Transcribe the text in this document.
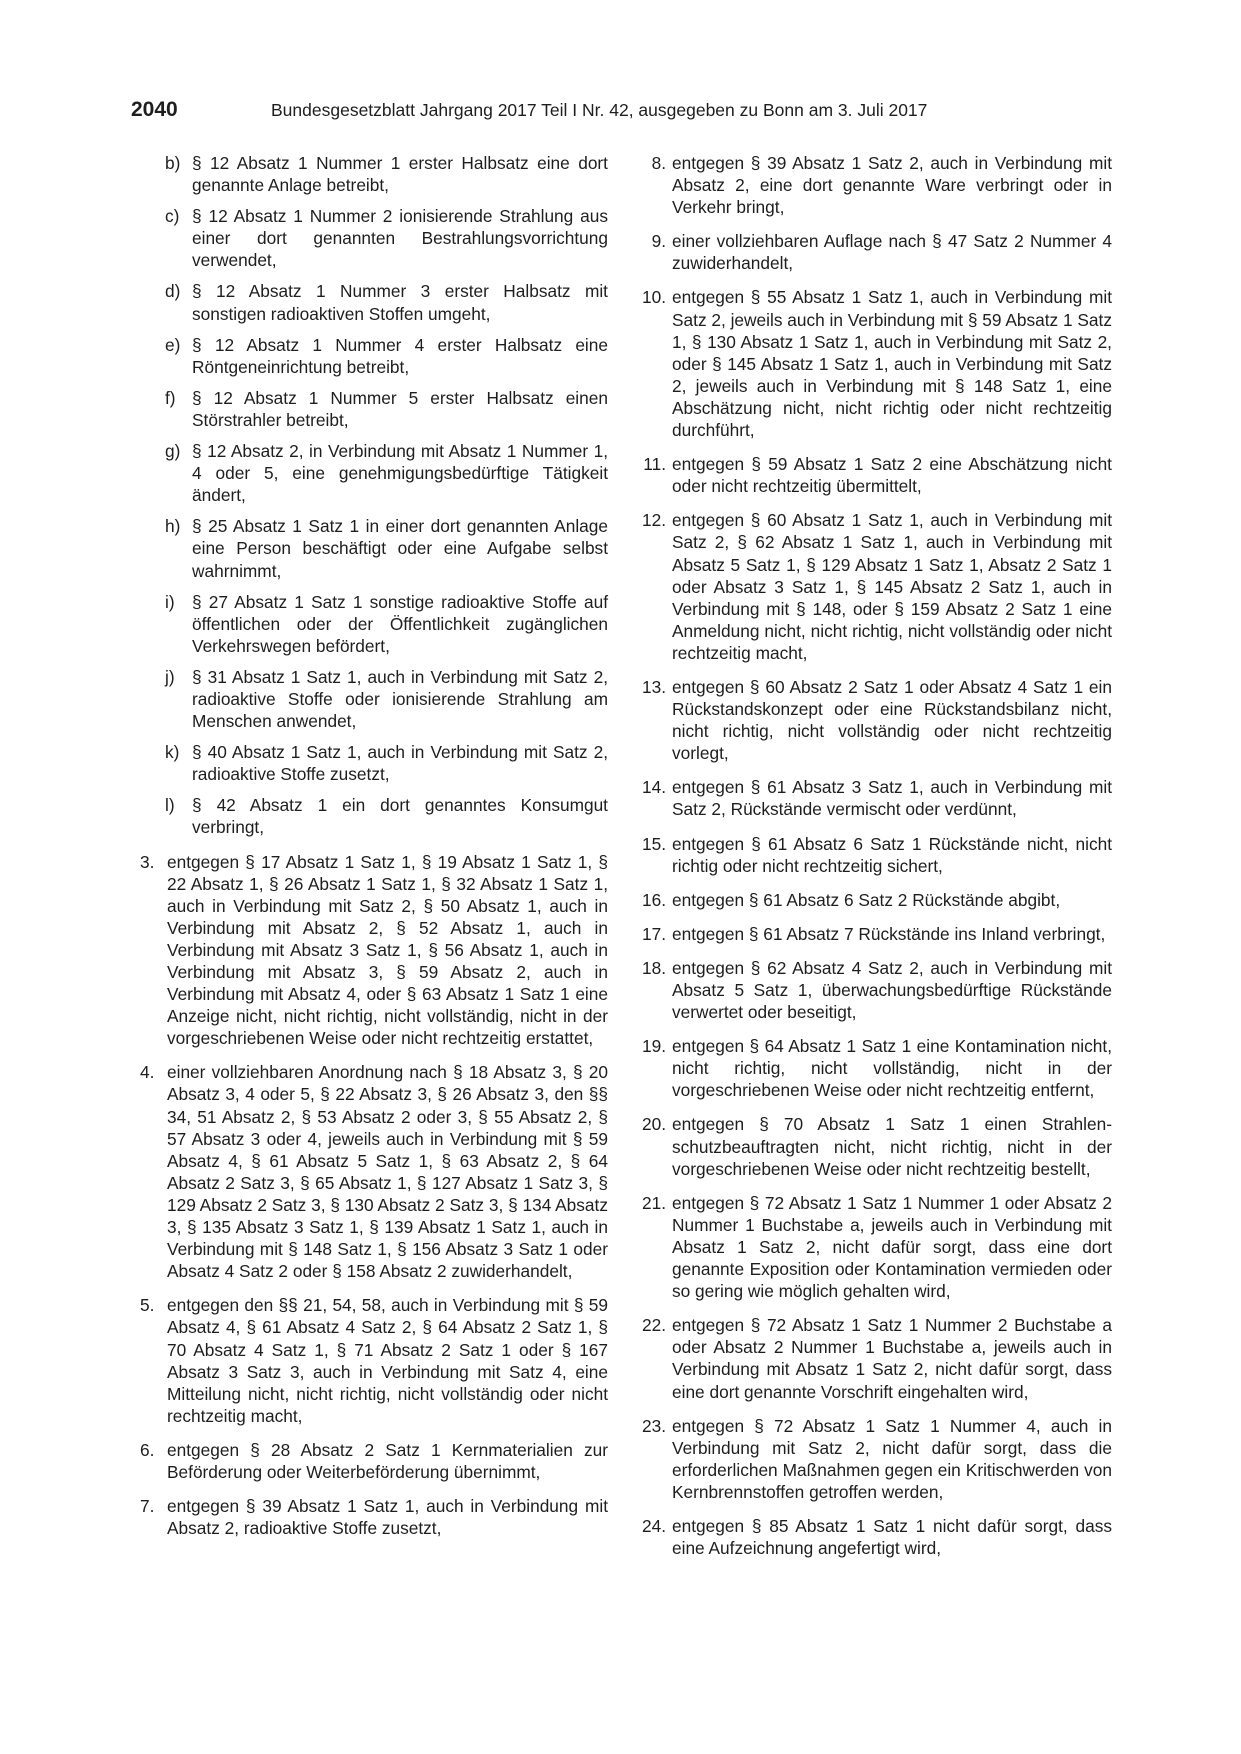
2040	Bundesgesetzblatt Jahrgang 2017 Teil I Nr. 42, ausgegeben zu Bonn am 3. Juli 2017
b) § 12 Absatz 1 Nummer 1 erster Halbsatz eine dort genannte Anlage betreibt,
c) § 12 Absatz 1 Nummer 2 ionisierende Strahlung aus einer dort genannten Bestrahlungsvorrichtung verwendet,
d) § 12 Absatz 1 Nummer 3 erster Halbsatz mit sonstigen radioaktiven Stoffen umgeht,
e) § 12 Absatz 1 Nummer 4 erster Halbsatz eine Röntgeneinrichtung betreibt,
f) § 12 Absatz 1 Nummer 5 erster Halbsatz einen Störstrahler betreibt,
g) § 12 Absatz 2, in Verbindung mit Absatz 1 Nummer 1, 4 oder 5, eine genehmigungsbedürftige Tätigkeit ändert,
h) § 25 Absatz 1 Satz 1 in einer dort genannten Anlage eine Person beschäftigt oder eine Aufgabe selbst wahrnimmt,
i)	§ 27 Absatz 1 Satz 1 sonstige radioaktive Stoffe auf öffentlichen oder der Öffentlichkeit zugänglichen Verkehrswegen befördert,
j)	§ 31 Absatz 1 Satz 1, auch in Verbindung mit Satz 2, radioaktive Stoffe oder ionisierende Strahlung am Menschen anwendet,
k) § 40 Absatz 1 Satz 1, auch in Verbindung mit Satz 2, radioaktive Stoffe zusetzt,
l)	§ 42 Absatz 1 ein dort genanntes Konsumgut verbringt,
3. entgegen § 17 Absatz 1 Satz 1, § 19 Absatz 1 Satz 1, § 22 Absatz 1, § 26 Absatz 1 Satz 1, § 32 Absatz 1 Satz 1, auch in Verbindung mit Satz 2, § 50 Absatz 1, auch in Verbindung mit Absatz 2, § 52 Absatz 1, auch in Verbindung mit Absatz 3 Satz 1, § 56 Absatz 1, auch in Verbindung mit Absatz 3, § 59 Absatz 2, auch in Verbindung mit Absatz 4, oder § 63 Absatz 1 Satz 1 eine Anzeige nicht, nicht richtig, nicht vollständig, nicht in der vorgeschriebenen Weise oder nicht rechtzeitig erstattet,
4. einer vollziehbaren Anordnung nach § 18 Absatz 3, § 20 Absatz 3, 4 oder 5, § 22 Absatz 3, § 26 Absatz 3, den §§ 34, 51 Absatz 2, § 53 Absatz 2 oder 3, § 55 Absatz 2, § 57 Absatz 3 oder 4, jeweils auch in Verbindung mit § 59 Absatz 4, § 61 Absatz 5 Satz 1, § 63 Absatz 2, § 64 Absatz 2 Satz 3, § 65 Absatz 1, § 127 Absatz 1 Satz 3, § 129 Absatz 2 Satz 3, § 130 Absatz 2 Satz 3, § 134 Absatz 3, § 135 Absatz 3 Satz 1, § 139 Absatz 1 Satz 1, auch in Verbindung mit § 148 Satz 1, § 156 Absatz 3 Satz 1 oder Absatz 4 Satz 2 oder § 158 Absatz 2 zuwiderhandelt,
5. entgegen den §§ 21, 54, 58, auch in Verbindung mit § 59 Absatz 4, § 61 Absatz 4 Satz 2, § 64 Absatz 2 Satz 1, § 70 Absatz 4 Satz 1, § 71 Absatz 2 Satz 1 oder § 167 Absatz 3 Satz 3, auch in Verbindung mit Satz 4, eine Mitteilung nicht, nicht richtig, nicht vollständig oder nicht rechtzeitig macht,
6. entgegen § 28 Absatz 2 Satz 1 Kernmaterialien zur Beförderung oder Weiterbeförderung übernimmt,
7. entgegen § 39 Absatz 1 Satz 1, auch in Verbindung mit Absatz 2, radioaktive Stoffe zusetzt,
8. entgegen § 39 Absatz 1 Satz 2, auch in Verbindung mit Absatz 2, eine dort genannte Ware verbringt oder in Verkehr bringt,
9. einer vollziehbaren Auflage nach § 47 Satz 2 Nummer 4 zuwiderhandelt,
10. entgegen § 55 Absatz 1 Satz 1, auch in Verbindung mit Satz 2, jeweils auch in Verbindung mit § 59 Absatz 1 Satz 1, § 130 Absatz 1 Satz 1, auch in Verbindung mit Satz 2, oder § 145 Absatz 1 Satz 1, auch in Verbindung mit Satz 2, jeweils auch in Verbindung mit § 148 Satz 1, eine Abschätzung nicht, nicht richtig oder nicht rechtzeitig durchführt,
11. entgegen § 59 Absatz 1 Satz 2 eine Abschätzung nicht oder nicht rechtzeitig übermittelt,
12. entgegen § 60 Absatz 1 Satz 1, auch in Verbindung mit Satz 2, § 62 Absatz 1 Satz 1, auch in Verbindung mit Absatz 5 Satz 1, § 129 Absatz 1 Satz 1, Absatz 2 Satz 1 oder Absatz 3 Satz 1, § 145 Absatz 2 Satz 1, auch in Verbindung mit § 148, oder § 159 Absatz 2 Satz 1 eine Anmeldung nicht, nicht richtig, nicht vollständig oder nicht rechtzeitig macht,
13. entgegen § 60 Absatz 2 Satz 1 oder Absatz 4 Satz 1 ein Rückstandskonzept oder eine Rückstandsbilanz nicht, nicht richtig, nicht vollständig oder nicht rechtzeitig vorlegt,
14. entgegen § 61 Absatz 3 Satz 1, auch in Verbindung mit Satz 2, Rückstände vermischt oder verdünnt,
15. entgegen § 61 Absatz 6 Satz 1 Rückstände nicht, nicht richtig oder nicht rechtzeitig sichert,
16. entgegen § 61 Absatz 6 Satz 2 Rückstände abgibt,
17. entgegen § 61 Absatz 7 Rückstände ins Inland verbringt,
18. entgegen § 62 Absatz 4 Satz 2, auch in Verbindung mit Absatz 5 Satz 1, überwachungsbedürftige Rückstände verwertet oder beseitigt,
19. entgegen § 64 Absatz 1 Satz 1 eine Kontamination nicht, nicht richtig, nicht vollständig, nicht in der vorgeschriebenen Weise oder nicht rechtzeitig entfernt,
20. entgegen § 70 Absatz 1 Satz 1 einen Strahlenschutzbeauftragten nicht, nicht richtig, nicht in der vorgeschriebenen Weise oder nicht rechtzeitig bestellt,
21. entgegen § 72 Absatz 1 Satz 1 Nummer 1 oder Absatz 2 Nummer 1 Buchstabe a, jeweils auch in Verbindung mit Absatz 1 Satz 2, nicht dafür sorgt, dass eine dort genannte Exposition oder Kontamination vermieden oder so gering wie möglich gehalten wird,
22. entgegen § 72 Absatz 1 Satz 1 Nummer 2 Buchstabe a oder Absatz 2 Nummer 1 Buchstabe a, jeweils auch in Verbindung mit Absatz 1 Satz 2, nicht dafür sorgt, dass eine dort genannte Vorschrift eingehalten wird,
23. entgegen § 72 Absatz 1 Satz 1 Nummer 4, auch in Verbindung mit Satz 2, nicht dafür sorgt, dass die erforderlichen Maßnahmen gegen ein Kritischwerden von Kernbrennstoffen getroffen werden,
24. entgegen § 85 Absatz 1 Satz 1 nicht dafür sorgt, dass eine Aufzeichnung angefertigt wird,
